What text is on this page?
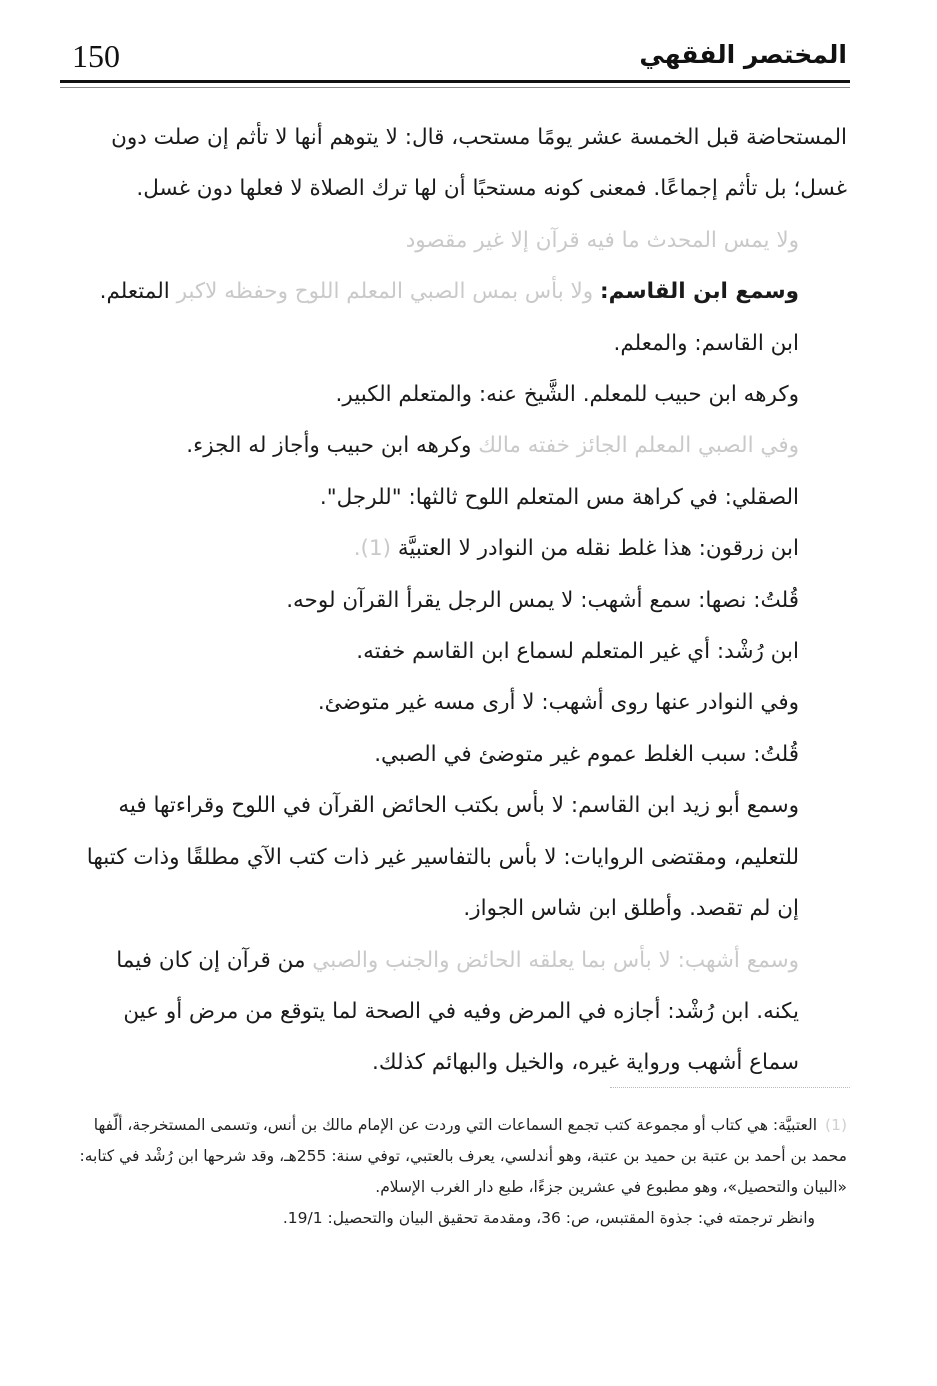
150	المختصر الفقهي

المستحاضة قبل الخمسة عشر يومًا مستحب، قال: لا يتوهم أنها لا تأثم إن صلت دون غسل؛ بل تأثم إجماعًا. فمعنى كونه مستحبًا أن لها ترك الصلاة لا فعلها دون غسل.

ولا يمس المحدث ما فيه قرآن إلا غير مقصود

وسمع ابن القاسم: ولا بأس بمس الصبي المعلم اللوح وحفظه لاكبر المتعلم.

ابن القاسم: والمعلم.

وكرهه ابن حبيب للمعلم. الشَّيخ عنه: والمتعلم الكبير.

وفي الصبي المعلم الجائز خفته مالك وكرهه ابن حبيب وأجاز له الجزء.

الصقلي: في كراهة مس المتعلم اللوح ثالثها: "للرجل".

ابن زرقون: هذا غلط نقله من النوادر لا العتبيَّة (1).

قُلتُ: نصها: سمع أشهب: لا يمس الرجل يقرأ القرآن لوحه.

ابن رُشْد: أي غير المتعلم لسماع ابن القاسم خفته.

وفي النوادر عنها روى أشهب: لا أرى مسه غير متوضئ.

قُلتُ: سبب الغلط عموم غير متوضئ في الصبي.

وسمع أبو زيد ابن القاسم: لا بأس بكتب الحائض القرآن في اللوح وقراءتها فيه للتعليم، ومقتضى الروايات: لا بأس بالتفاسير غير ذات كتب الآي مطلقًا وذات كتبها إن لم تقصد. وأطلق ابن شاس الجواز.

وسمع أشهب: لا بأس بما يعلقه الحائض والجنب والصبي من قرآن إن كان فيما يكنه. ابن رُشْد: أجازه في المرض وفيه في الصحة لما يتوقع من مرض أو عين سماع أشهب ورواية غيره، والخيل والبهائم كذلك.

(1)العتبيَّة: هي كتاب أو مجموعة كتب تجمع السماعات التي وردت عن الإمام مالك بن أنس، وتسمى المستخرجة، ألّفها محمد بن أحمد بن عتبة بن حميد بن عتبة، وهو أندلسي، يعرف بالعتبي، توفي سنة: 255هـ، وقد شرحها ابن رُشْد في كتابه: «البيان والتحصيل»، وهو مطبوع في عشرين جزءًا، طبع دار الغرب الإسلام.

وانظر ترجمته في: جذوة المقتبس، ص: 36، ومقدمة تحقيق البيان والتحصيل: 19/1.
